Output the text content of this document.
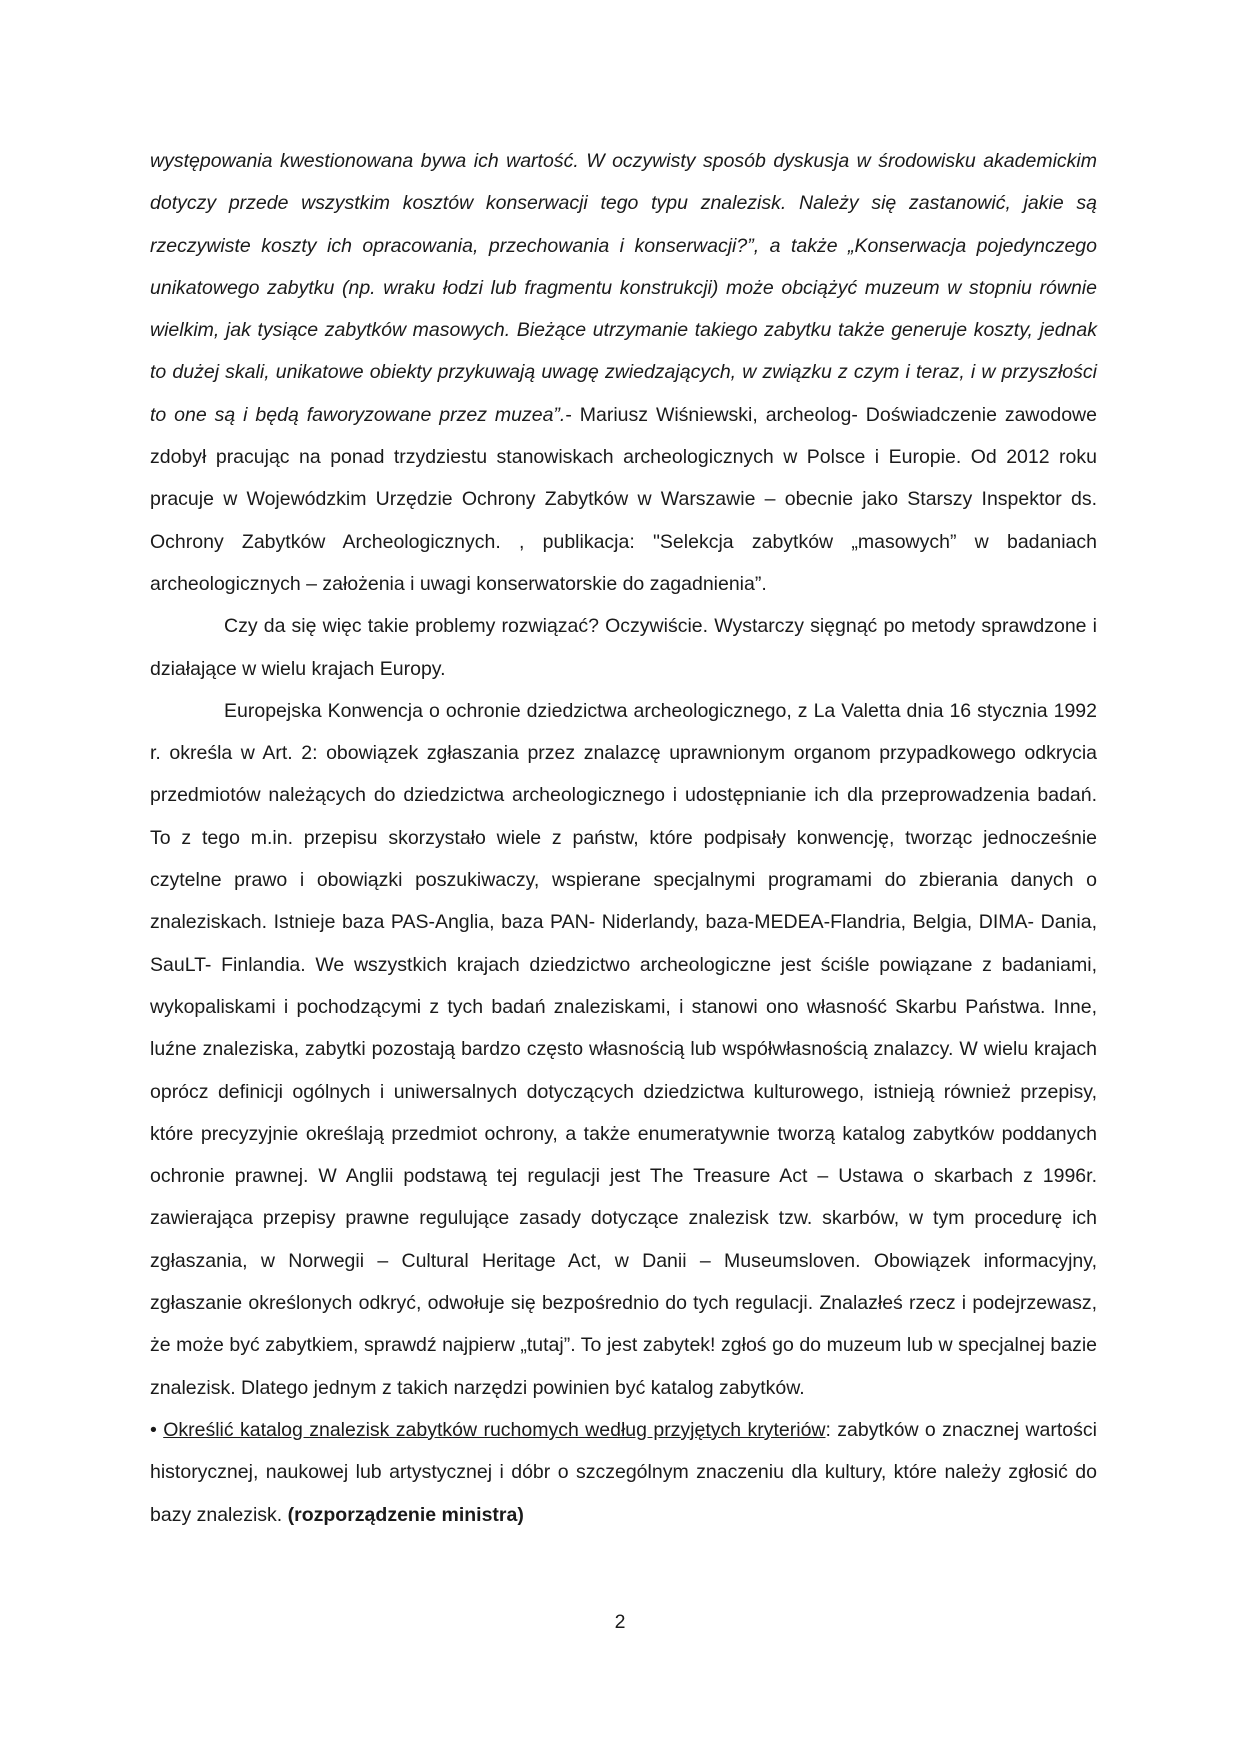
występowania kwestionowana bywa ich wartość. W oczywisty sposób dyskusja w środowisku akademickim dotyczy przede wszystkim kosztów konserwacji tego typu znalezisk. Należy się zastanowić, jakie są rzeczywiste koszty ich opracowania, przechowania i konserwacji?”, a także „Konserwacja pojedynczego unikatowego zabytku (np. wraku łodzi lub fragmentu konstrukcji) może obciążyć muzeum w stopniu równie wielkim, jak tysiące zabytków masowych. Bieżące utrzymanie takiego zabytku także generuje koszty, jednak to dużej skali, unikatowe obiekty przykuwają uwagę zwiedzających, w związku z czym i teraz, i w przyszłości to one są i będą faworyzowane przez muzea”.- Mariusz Wiśniewski, archeolog- Doświadczenie zawodowe zdobył pracując na ponad trzydziestu stanowiskach archeologicznych w Polsce i Europie. Od 2012 roku pracuje w Wojewódzkim Urzędzie Ochrony Zabytków w Warszawie – obecnie jako Starszy Inspektor ds. Ochrony Zabytków Archeologicznych. , publikacja: "Selekcja zabytków „masowych” w badaniach archeologicznych – założenia i uwagi konserwatorskie do zagadnienia”.

Czy da się więc takie problemy rozwiązać? Oczywiście. Wystarczy sięgnąć po metody sprawdzone i działające w wielu krajach Europy.

Europejska Konwencja o ochronie dziedzictwa archeologicznego, z La Valetta dnia 16 stycznia 1992 r. określa w Art. 2: obowiązek zgłaszania przez znalazcę uprawnionym organom przypadkowego odkrycia przedmiotów należących do dziedzictwa archeologicznego i udostępnianie ich dla przeprowadzenia badań. To z tego m.in. przepisu skorzystało wiele z państw, które podpisały konwencję, tworząc jednocześnie czytelne prawo i obowiązki poszukiwaczy, wspierane specjalnymi programami do zbierania danych o znaleziskach. Istnieje baza PAS-Anglia, baza PAN- Niderlandy, baza-MEDEA-Flandria, Belgia, DIMA- Dania, SauLT- Finlandia. We wszystkich krajach dziedzictwo archeologiczne jest ściśle powiązane z badaniami, wykopaliskami i pochodzącymi z tych badań znaleziskami, i stanowi ono własność Skarbu Państwa. Inne, luźne znaleziska, zabytki pozostają bardzo często własnością lub współwłasnością znalazcy. W wielu krajach oprócz definicji ogólnych i uniwersalnych dotyczących dziedzictwa kulturowego, istnieją również przepisy, które precyzyjnie określają przedmiot ochrony, a także enumeratywnie tworzą katalog zabytków poddanych ochronie prawnej. W Anglii podstawą tej regulacji jest The Treasure Act – Ustawa o skarbach z 1996r. zawierająca przepisy prawne regulujące zasady dotyczące znalezisk tzw. skarbów, w tym procedurę ich zgłaszania, w Norwegii – Cultural Heritage Act, w Danii – Museumsloven. Obowiązek informacyjny, zgłaszanie określonych odkryć, odwołuje się bezpośrednio do tych regulacji. Znalazłeś rzecz i podejrzewasz, że może być zabytkiem, sprawdź najpierw „tutaj”. To jest zabytek! zgłoś go do muzeum lub w specjalnej bazie znalezisk. Dlatego jednym z takich narzędzi powinien być katalog zabytków.

• Określić katalog znalezisk zabytków ruchomych według przyjętych kryteriów: zabytków o znacznej wartości historycznej, naukowej lub artystycznej i dóbr o szczególnym znaczeniu dla kultury, które należy zgłosić do bazy znalezisk. (rozporządzenie ministra)

2
